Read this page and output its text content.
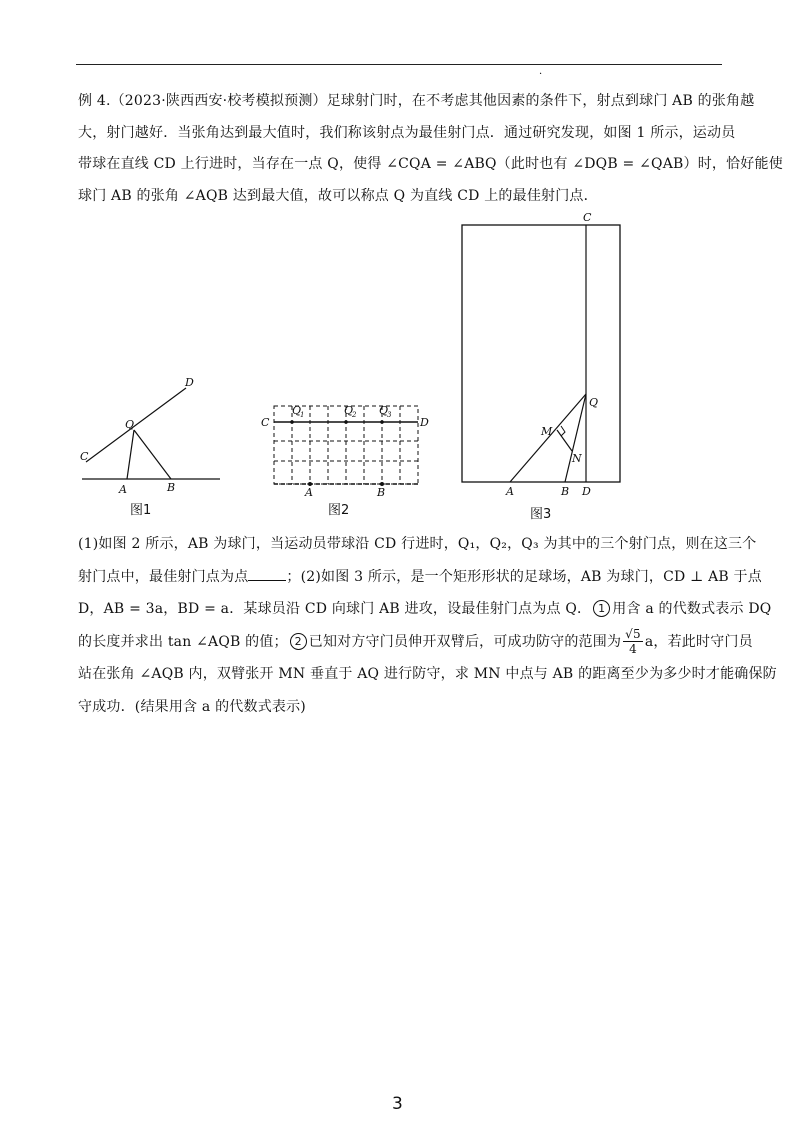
·
例 4.（2023·陕西西安·校考模拟预测）足球射门时，在不考虑其他因素的条件下，射点到球门 AB 的张角越
大，射门越好．当张角达到最大值时，我们称该射点为最佳射门点．通过研究发现，如图 1 所示，运动员
带球在直线 CD 上行进时，当存在一点 Q，使得 ∠CQA = ∠ABQ（此时也有 ∠DQB = ∠QAB）时，恰好能使
球门 AB 的张角 ∠AQB 达到最大值，故可以称点 Q 为直线 CD 上的最佳射门点．
D
C
Q
A	B
图1
C	D
Q
1	Q
2 Q
3
A	B
图2
C
Q
M
N
A	B D
图3
(1)如图 2 所示，AB 为球门，当运动员带球沿 CD 行进时，Q₁，Q₂，Q₃ 为其中的三个射门点，则在这三个
射门点中，最佳射门点为点	；(2)如图 3 所示，是一个矩形形状的足球场，AB 为球门，CD ⊥ AB 于点
D，AB = 3a，BD = a．某球员沿 CD 向球门 AB 进攻，设最佳射门点为点 Q． 1 用含 a 的代数式表示 DQ
的长度并求出 tan ∠AQB 的值； 2 已知对方守门员伸开双臂后，可成功防守的范围为 $\frac{√5}{4}$ a，若此时守门员
站在张角 ∠AQB 内，双臂张开 MN 垂直于 AQ 进行防守，求 MN 中点与 AB 的距离至少为多少时才能确保防
守成功．(结果用含 a 的代数式表示)
3
